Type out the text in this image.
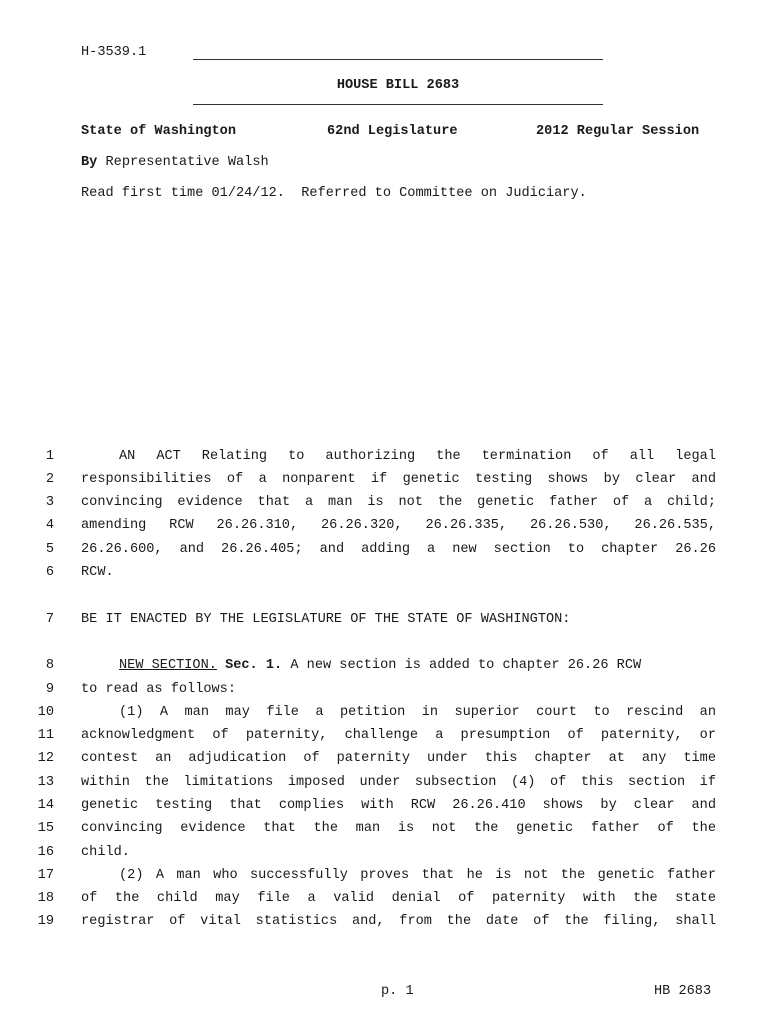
H-3539.1
HOUSE BILL 2683
State of Washington	62nd Legislature	2012 Regular Session
By Representative Walsh
Read first time 01/24/12.  Referred to Committee on Judiciary.
1	AN ACT Relating to authorizing the termination of all legal
2 responsibilities of a nonparent if genetic testing shows by clear and
3 convincing evidence that a man is not the genetic father of a child;
4 amending RCW 26.26.310, 26.26.320, 26.26.335, 26.26.530, 26.26.535,
5 26.26.600, and 26.26.405; and adding a new section to chapter 26.26
6 RCW.
7 BE IT ENACTED BY THE LEGISLATURE OF THE STATE OF WASHINGTON:
8	NEW SECTION. Sec. 1. A new section is added to chapter 26.26 RCW
9 to read as follows:
10	(1) A man may file a petition in superior court to rescind an
11 acknowledgment of paternity, challenge a presumption of paternity, or
12 contest an adjudication of paternity under this chapter at any time
13 within the limitations imposed under subsection (4) of this section if
14 genetic testing that complies with RCW 26.26.410 shows by clear and
15 convincing evidence that the man is not the genetic father of the
16 child.
17	(2) A man who successfully proves that he is not the genetic father
18 of the child may file a valid denial of paternity with the state
19 registrar of vital statistics and, from the date of the filing, shall
p. 1	HB 2683
